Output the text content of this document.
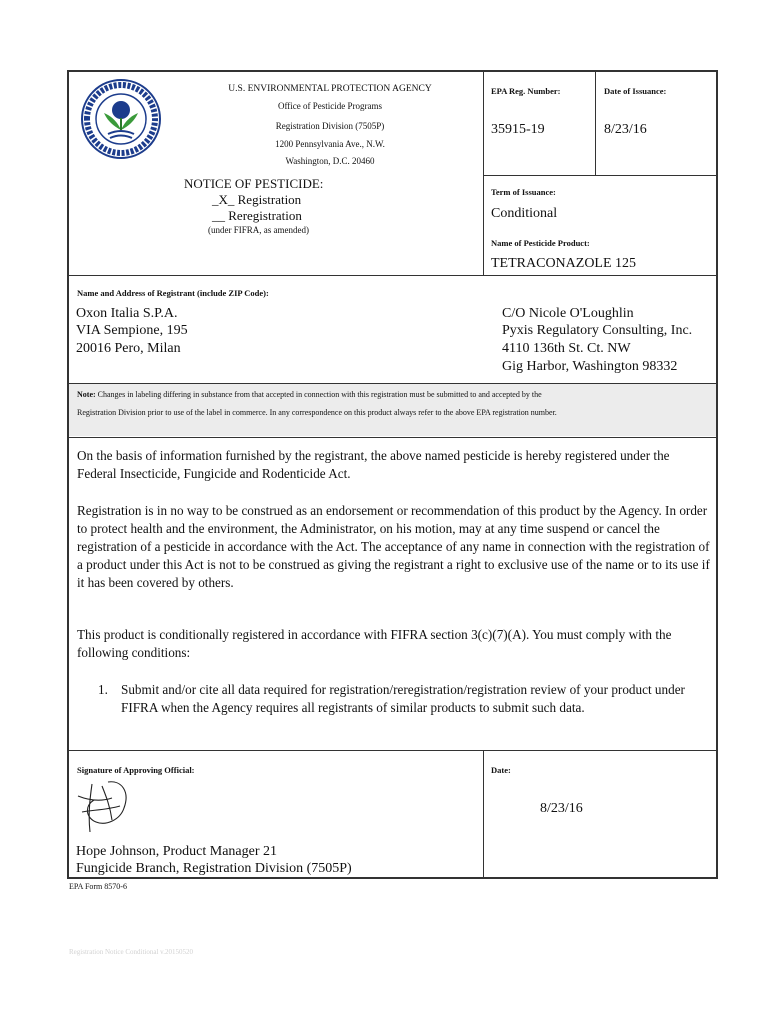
U.S. ENVIRONMENTAL PROTECTION AGENCY
Office of Pesticide Programs
Registration Division (7505P)
1200 Pennsylvania Ave., N.W.
Washington, D.C. 20460
NOTICE OF PESTICIDE:
_X_ Registration
__ Reregistration
(under FIFRA, as amended)
EPA Reg. Number:
35915-19
Date of Issuance:
8/23/16
Term of Issuance:
Conditional
Name of Pesticide Product:
TETRACONAZOLE 125
Name and Address of Registrant (include ZIP Code):
Oxon Italia S.P.A.
VIA Sempione, 195
20016 Pero, Milan
C/O Nicole O'Loughlin
Pyxis Regulatory Consulting, Inc.
4110 136th St. Ct. NW
Gig Harbor, Washington 98332
Note: Changes in labeling differing in substance from that accepted in connection with this registration must be submitted to and accepted by the
Registration Division prior to use of the label in commerce. In any correspondence on this product always refer to the above EPA registration number.
On the basis of information furnished by the registrant, the above named pesticide is hereby registered under the Federal Insecticide, Fungicide and Rodenticide Act.
Registration is in no way to be construed as an endorsement or recommendation of this product by the Agency. In order to protect health and the environment, the Administrator, on his motion, may at any time suspend or cancel the registration of a pesticide in accordance with the Act. The acceptance of any name in connection with the registration of a product under this Act is not to be construed as giving the registrant a right to exclusive use of the name or to its use if it has been covered by others.
This product is conditionally registered in accordance with FIFRA section 3(c)(7)(A). You must comply with the following conditions:
1. Submit and/or cite all data required for registration/reregistration/registration review of your product under FIFRA when the Agency requires all registrants of similar products to submit such data.
Signature of Approving Official:	Date:
8/23/16
Hope Johnson, Product Manager 21
Fungicide Branch, Registration Division (7505P)
EPA Form 8570-6
Registration Notice Conditional v.20150520
